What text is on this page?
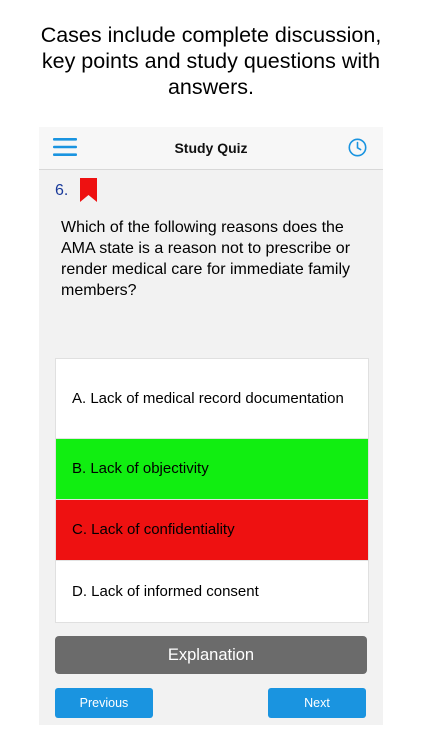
Cases include complete discussion,
key points and study questions with
answers.
Study Quiz
6.
Which of the following reasons does the AMA state is a reason not to prescribe or render medical care for immediate family members?
A. Lack of medical record documentation
B. Lack of objectivity
C. Lack of confidentiality
D. Lack of informed consent
Explanation
Previous	Next
